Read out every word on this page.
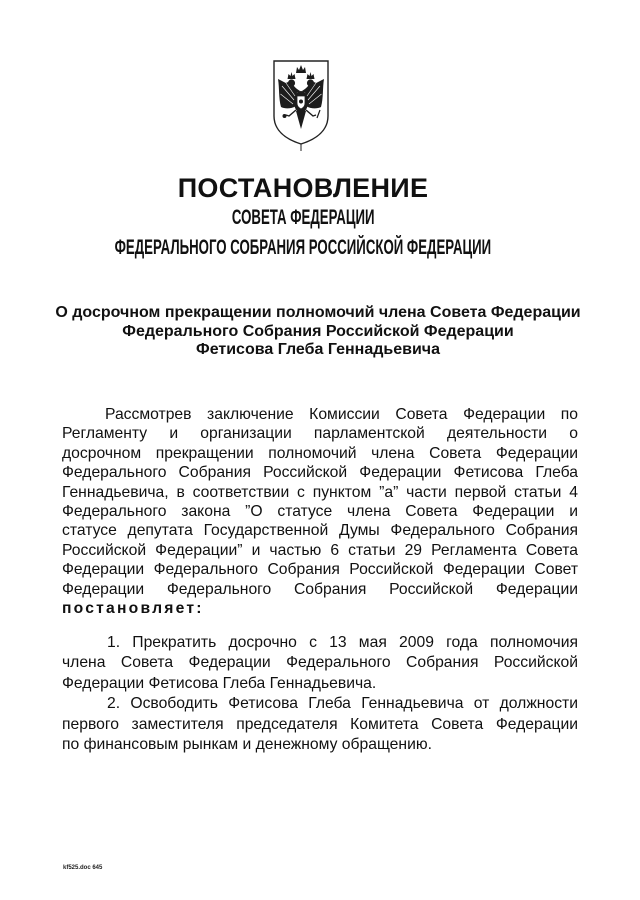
ПОСТАНОВЛЕНИЕ
СОВЕТА ФЕДЕРАЦИИ
ФЕДЕРАЛЬНОГО СОБРАНИЯ РОССИЙСКОЙ ФЕДЕРАЦИИ
О досрочном прекращении полномочий члена Совета Федерации
Федерального Собрания Российской Федерации
Фетисова Глеба Геннадьевича
Рассмотрев заключение Комиссии Совета Федерации по
Регламенту и организации парламентской деятельности о
досрочном прекращении полномочий члена Совета Федерации
Федерального Собрания Российской Федерации Фетисова Глеба
Геннадьевича, в соответствии с пунктом ”а” части первой статьи 4
Федерального закона ”О статусе члена Совета Федерации и
статусе депутата Государственной Думы Федерального Собрания
Российской Федерации” и частью 6 статьи 29 Регламента Совета
Федерации Федерального Собрания Российской Федерации Совет
Федерации Федерального Собрания Российской Федерации
постановляет:
1. Прекратить досрочно с 13 мая 2009 года полномочия
члена Совета Федерации Федерального Собрания Российской
Федерации Фетисова Глеба Геннадьевича.
2. Освободить Фетисова Глеба Геннадьевича от должности
первого заместителя председателя Комитета Совета Федерации
по финансовым рынкам и денежному обращению.
kf525.doc 645
